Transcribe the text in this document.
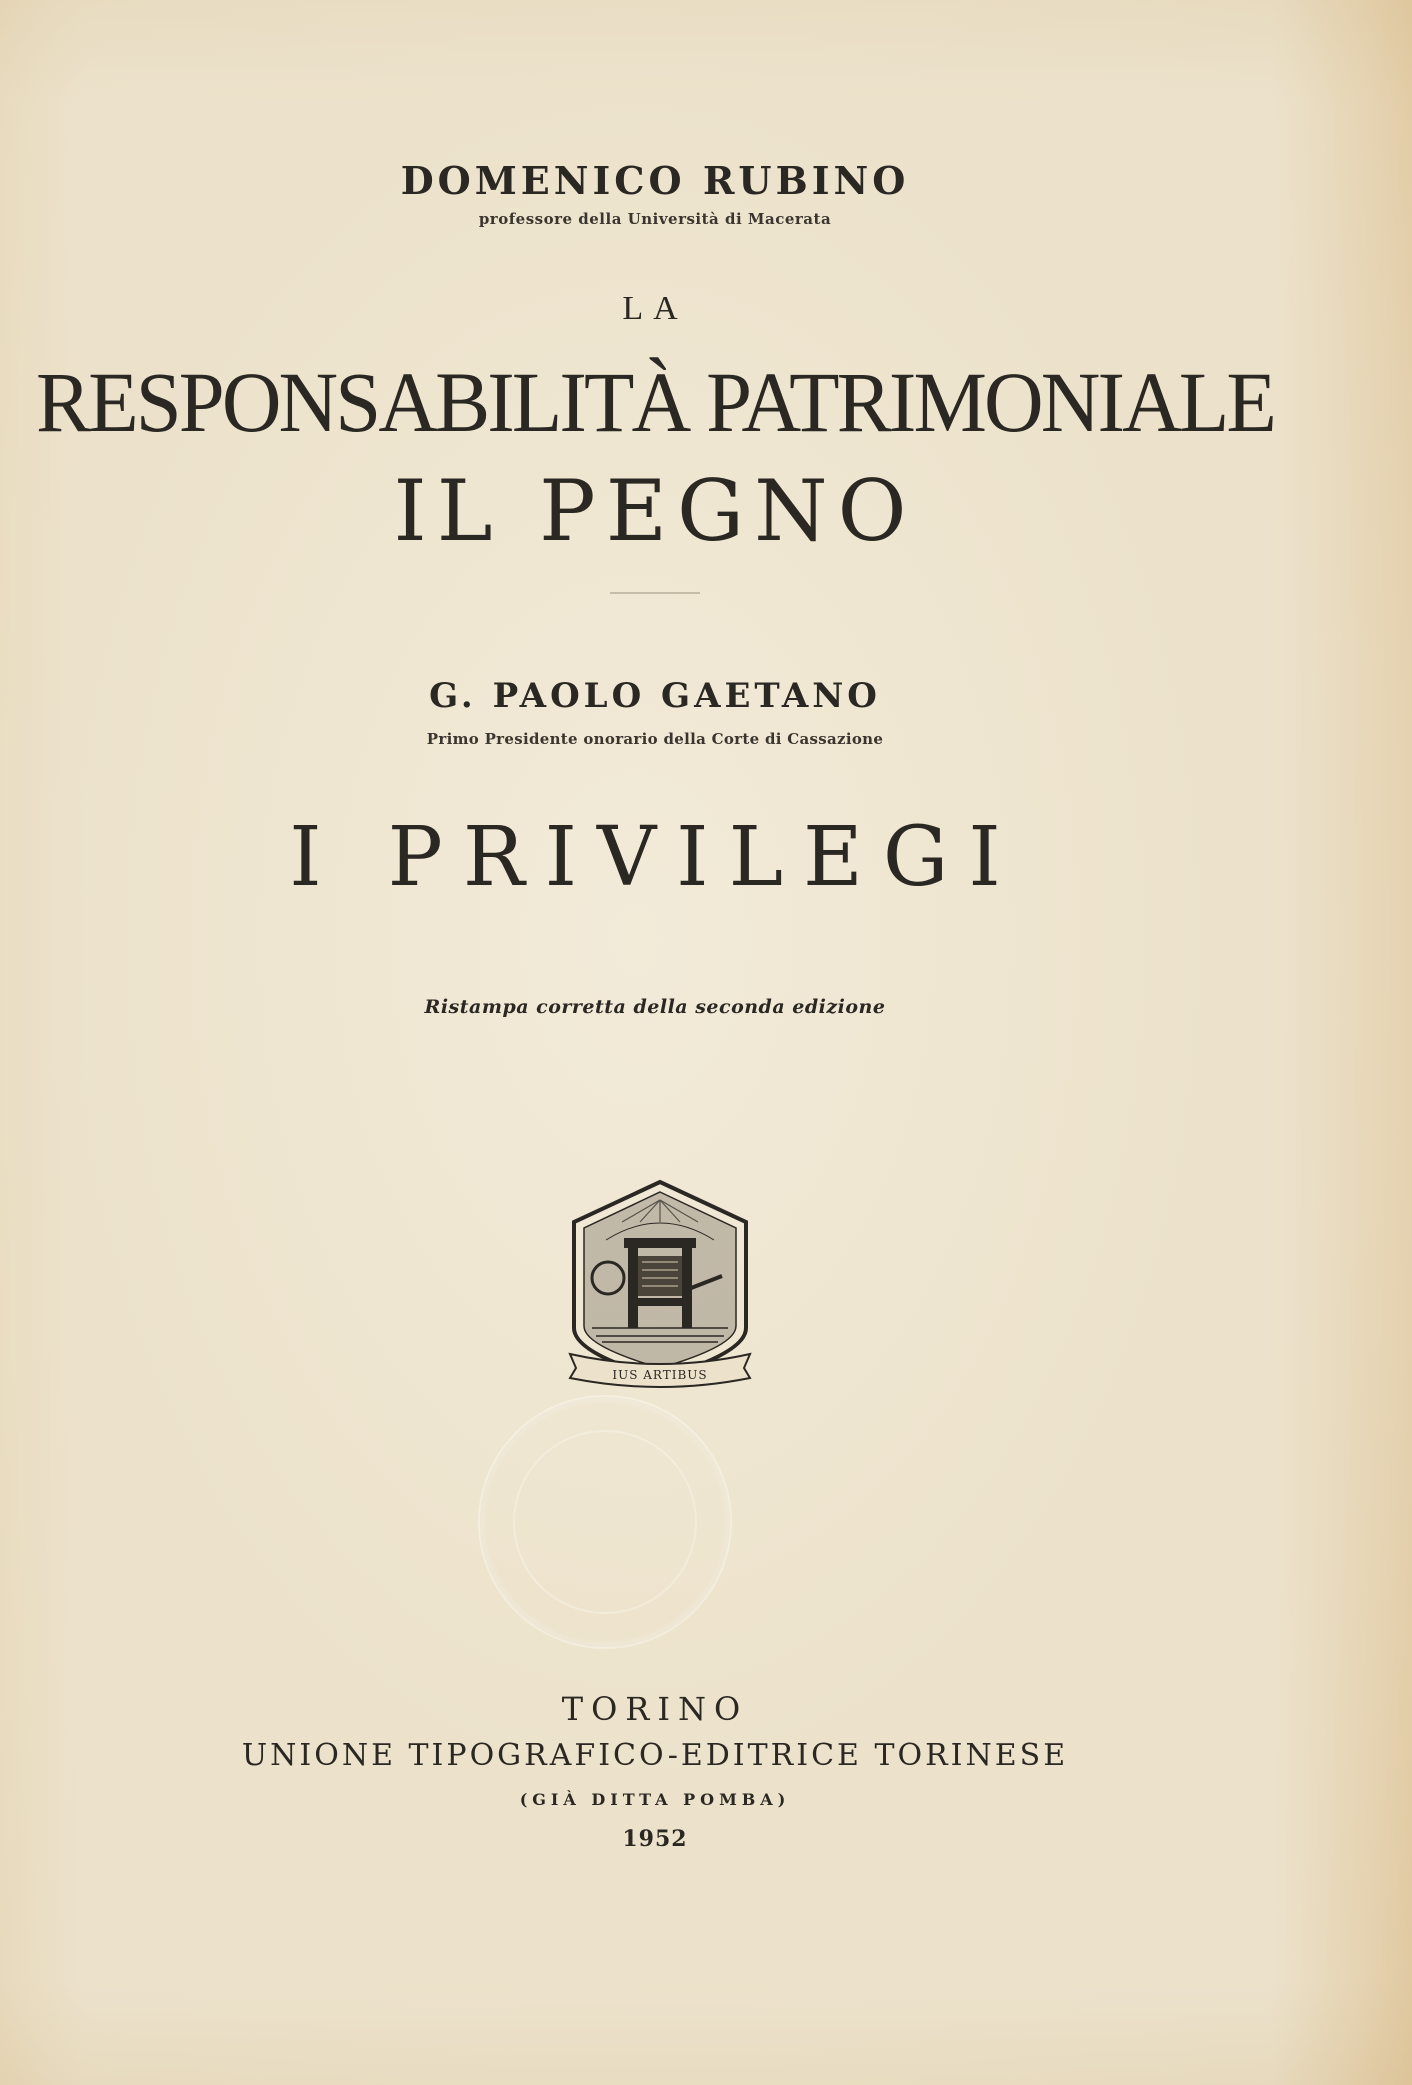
DOMENICO RUBINO
professore della Università di Macerata
LA
RESPONSABILITÀ PATRIMONIALE
IL PEGNO
G. PAOLO GAETANO
Primo Presidente onorario della Corte di Cassazione
I PRIVILEGI
Ristampa corretta della seconda edizione
IUS ARTIBUS
TORINO
UNIONE TIPOGRAFICO-EDITRICE TORINESE
(GIÀ DITTA POMBA)
1952
